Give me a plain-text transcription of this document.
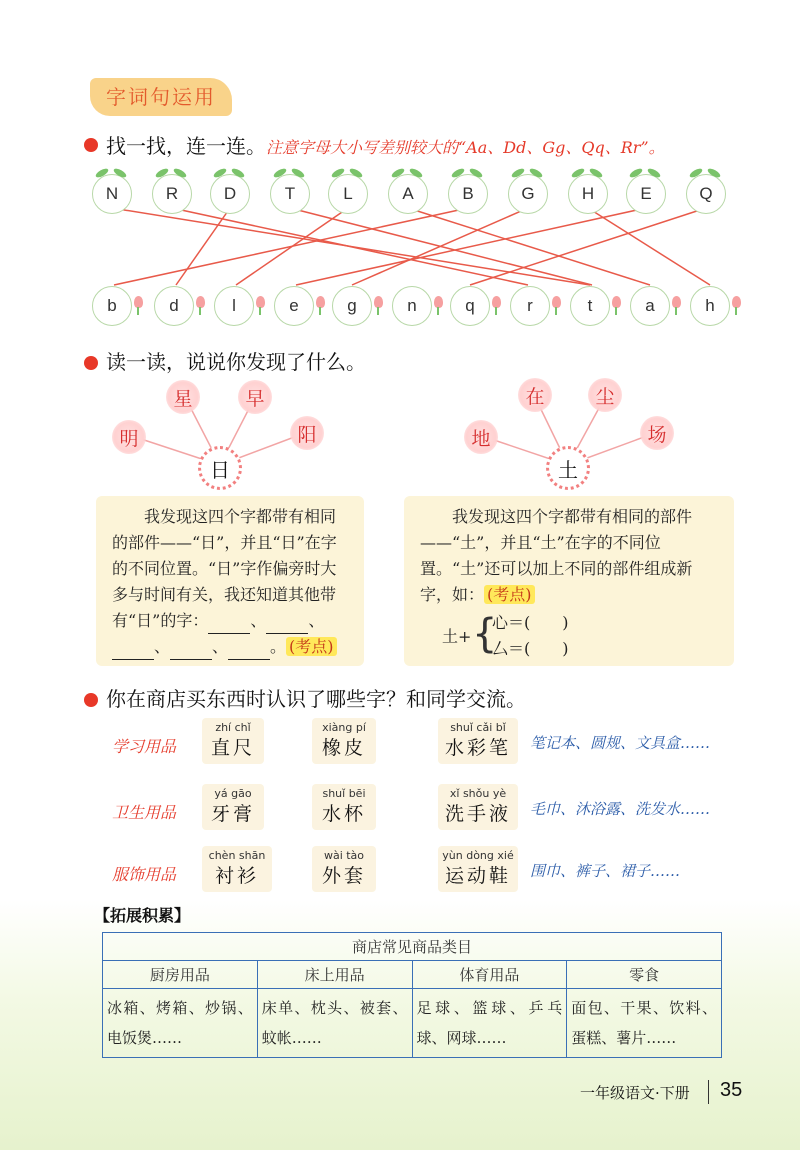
字词句运用
找一找，连一连。注意字母大小写差别较大的“Aa、Dd、Gg、Qq、Rr”。
N	R	D	T	L	A	B	G	H	E	Q
b	d	l	e	g	n	q	r	t	a	h
读一读，说说你发现了什么。
明
星	早
阳
日
地
在	尘
场
土

我发现这四个字都带有相同的部件——“日”，并且“日”在字的不同位置。“日”字作偏旁时大多与时间有关，我还知道其他带有“日”的字：	、	、、	、	。 (考点)

我发现这四个字都带有相同的部件——“土”，并且“土”在字的不同位置。“土”还可以加上不同的部件组成新字，如： (考点)

土+ {
心＝(　　)
厶＝(　　)
你在商店买东西时认识了哪些字？和同学交流。
学习用品
zhí chǐ
直尺
xiàng pí
橡皮
shuǐ cǎi bǐ
水彩笔	笔记本、圆规、文具盒……
卫生用品
yá gāo
牙膏
shuǐ bēi
水杯
xǐ shǒu yè
洗手液	毛巾、沐浴露、洗发水……
服饰用品
chèn shān
衬衫
wài tào
外套
yùn dòng xié
运动鞋	围巾、裤子、裙子……
【拓展积累】
商店常见商品类目			
厨房用品	床上用品	体育用品	零食
冰箱、烤箱、炒锅、电饭煲……	床单、枕头、被套、蚊帐……	足球、篮球、乒乓球、网球……	面包、干果、饮料、蛋糕、薯片……
一年级语文·下册 35
